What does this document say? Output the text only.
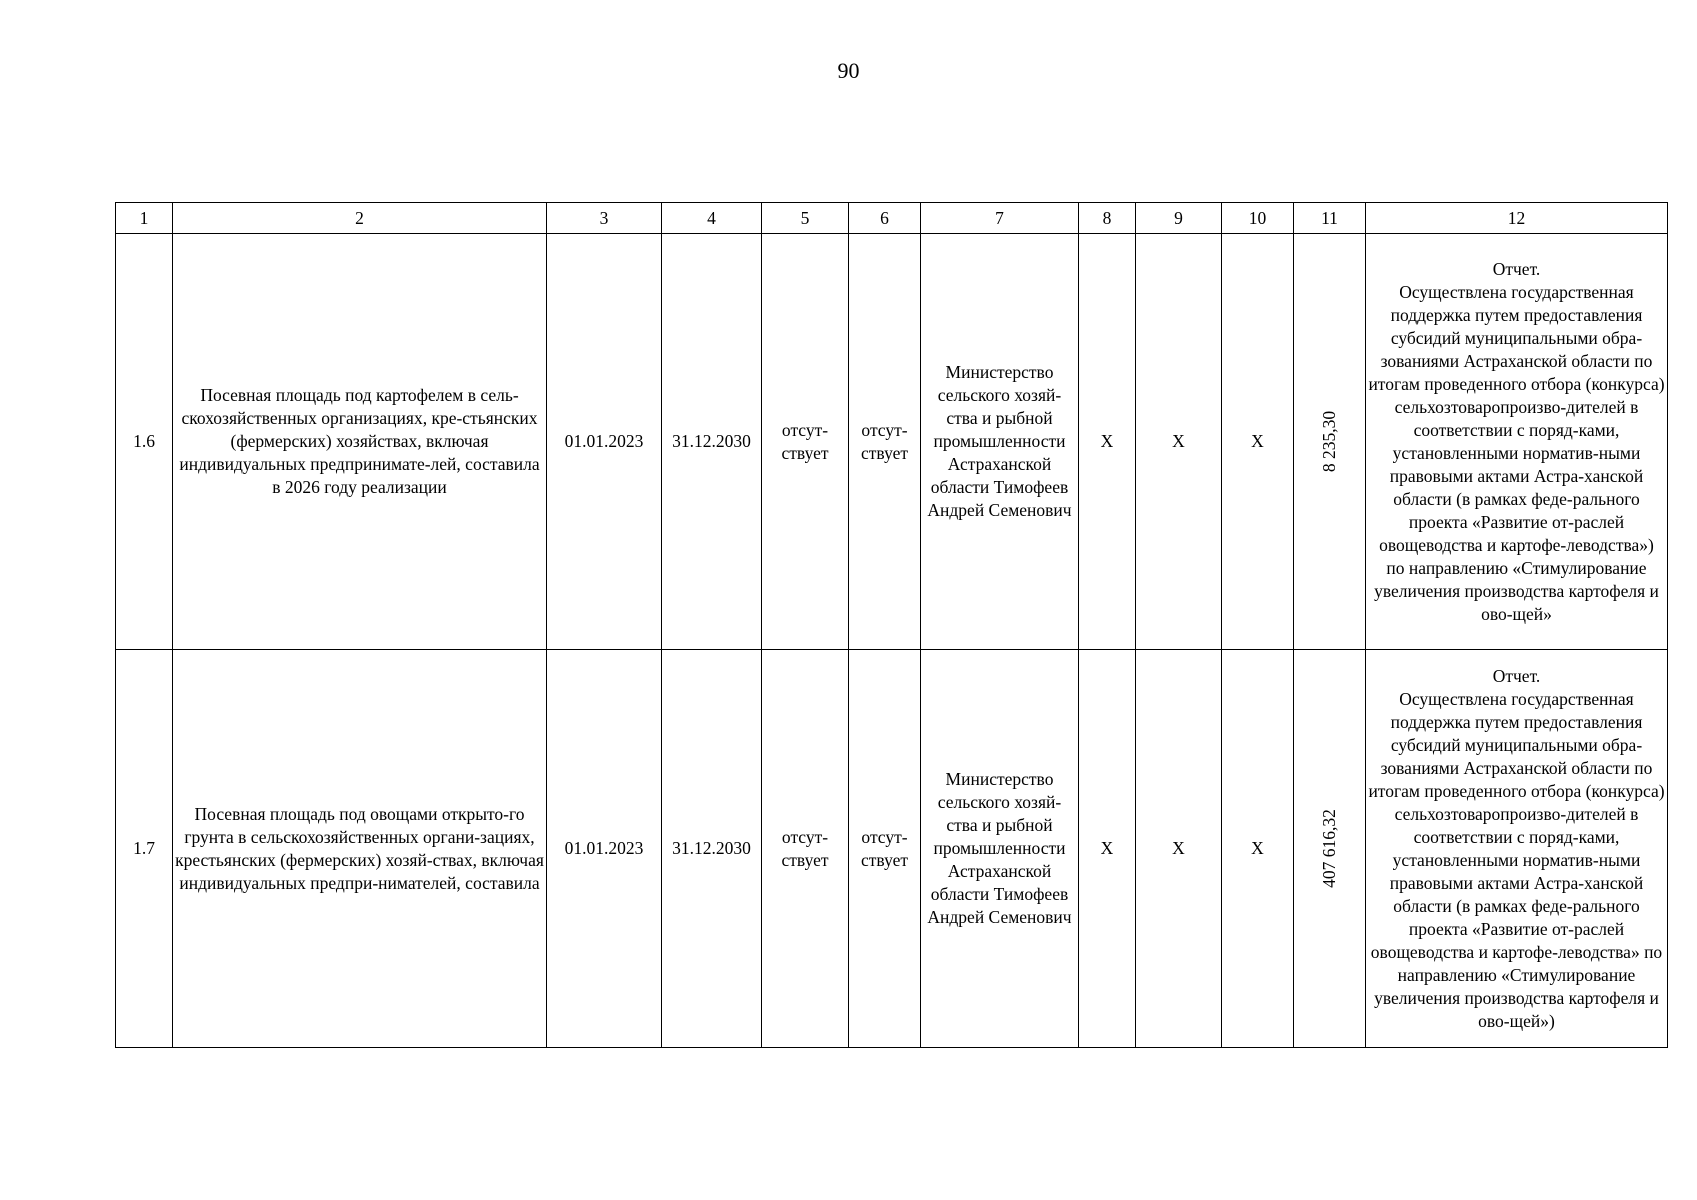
90
1	2	3	4	5	6	7	8	9	10	11	12
1.6	Посевная площадь под картофелем в сель-скохозяйственных организациях, кре-стьянских (фермерских) хозяйствах, включая индивидуальных предпринимате-лей, составила в 2026 году реализации	01.01.2023	31.12.2030	отсут-ствует	отсут-ствует	Министерство сельского хозяй-ства и рыбной промышленности Астраханской области Тимофеев Андрей Семенович	Х	Х	Х	8 235,30	Отчет.
Осуществлена государственная поддержка путем предоставления субсидий муниципальными обра-зованиями Астраханской области по итогам проведенного отбора (конкурса) сельхозтоваропроизво-дителей в соответствии с поряд-ками, установленными норматив-ными правовыми актами Астра-ханской области (в рамках феде-рального проекта «Развитие от-раслей овощеводства и картофе-леводства») по направлению «Стимулирование увеличения производства картофеля и ово-щей»

1.7	Посевная площадь под овощами открыто-го грунта в сельскохозяйственных органи-зациях, крестьянских (фермерских) хозяй-ствах, включая индивидуальных предпри-нимателей, составила	01.01.2023	31.12.2030	отсут-ствует	отсут-ствует	Министерство сельского хозяй-ства и рыбной промышленности Астраханской области Тимофеев Андрей Семенович	Х	Х	Х	407 616,32	Отчет.
Осуществлена государственная поддержка путем предоставления субсидий муниципальными обра-зованиями Астраханской области по итогам проведенного отбора (конкурса) сельхозтоваропроизво-дителей в соответствии с поряд-ками, установленными норматив-ными правовыми актами Астра-ханской области (в рамках феде-рального проекта «Развитие от-раслей овощеводства и картофе-леводства» по направлению «Стимулирование увеличения производства картофеля и ово-щей»)
